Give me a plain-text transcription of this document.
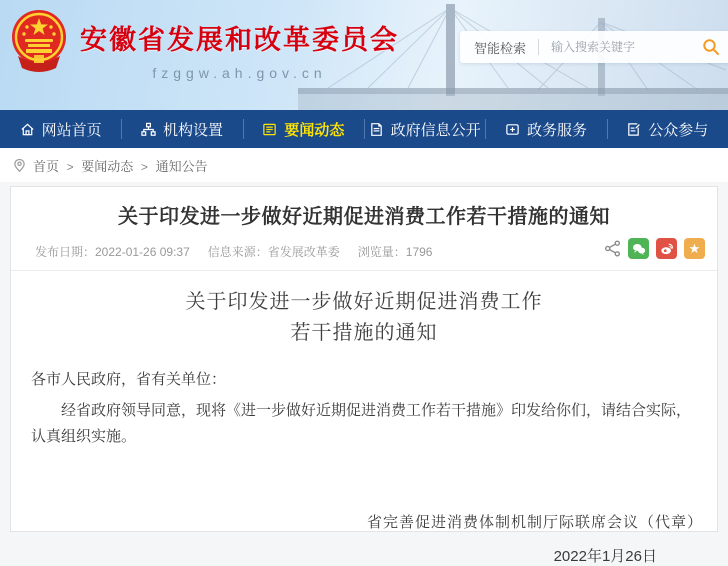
安徽省发展和改革委员会
fzggw.ah.gov.cn
智能检索
输入搜索关键字
网站首页	机构设置	要闻动态	政府信息公开	政务服务	公众参与
首页 > 要闻动态 > 通知公告
关于印发进一步做好近期促进消费工作若干措施的通知
发布日期：2022-01-26 09:37 信息来源：省发展改革委 浏览量：1796	★
关于印发进一步做好近期促进消费工作
若干措施的通知
各市人民政府，省有关单位：
经省政府领导同意，现将《进一步做好近期促进消费工作若干措施》印发给你们，请结合实际，认真组织实施。
省完善促进消费体制机制厅际联席会议（代章）
2022年1月26日
